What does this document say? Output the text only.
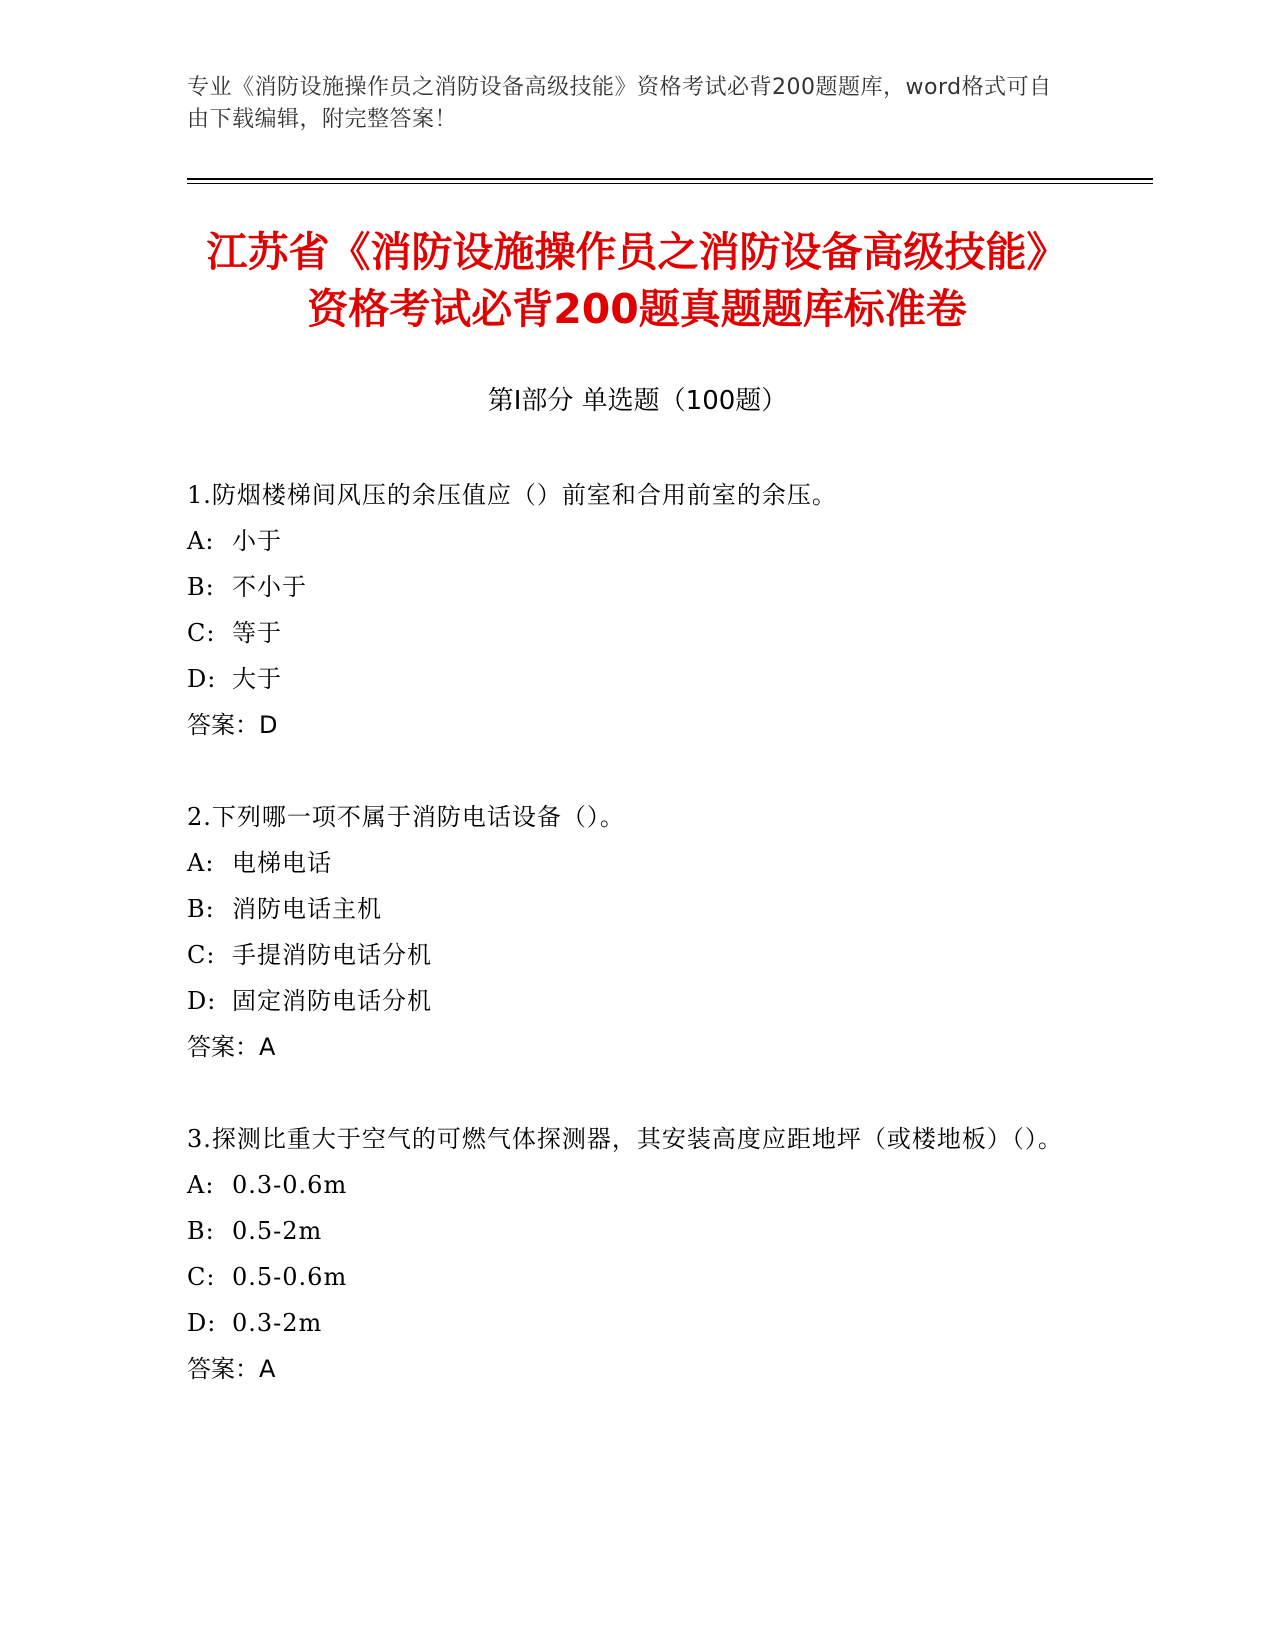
专业《消防设施操作员之消防设备高级技能》资格考试必背200题题库，word格式可自由下载编辑，附完整答案！
江苏省《消防设施操作员之消防设备高级技能》资格考试必背200题真题题库标准卷
第Ⅰ部分 单选题（100题）
1.防烟楼梯间风压的余压值应（）前室和合用前室的余压。
A: 小于
B: 不小于
C: 等于
D: 大于
答案：D
2.下列哪一项不属于消防电话设备（）。
A: 电梯电话
B: 消防电话主机
C: 手提消防电话分机
D: 固定消防电话分机
答案：A
3.探测比重大于空气的可燃气体探测器，其安装高度应距地坪（或楼地板）（）。
A: 0.3-0.6m
B: 0.5-2m
C: 0.5-0.6m
D: 0.3-2m
答案：A
